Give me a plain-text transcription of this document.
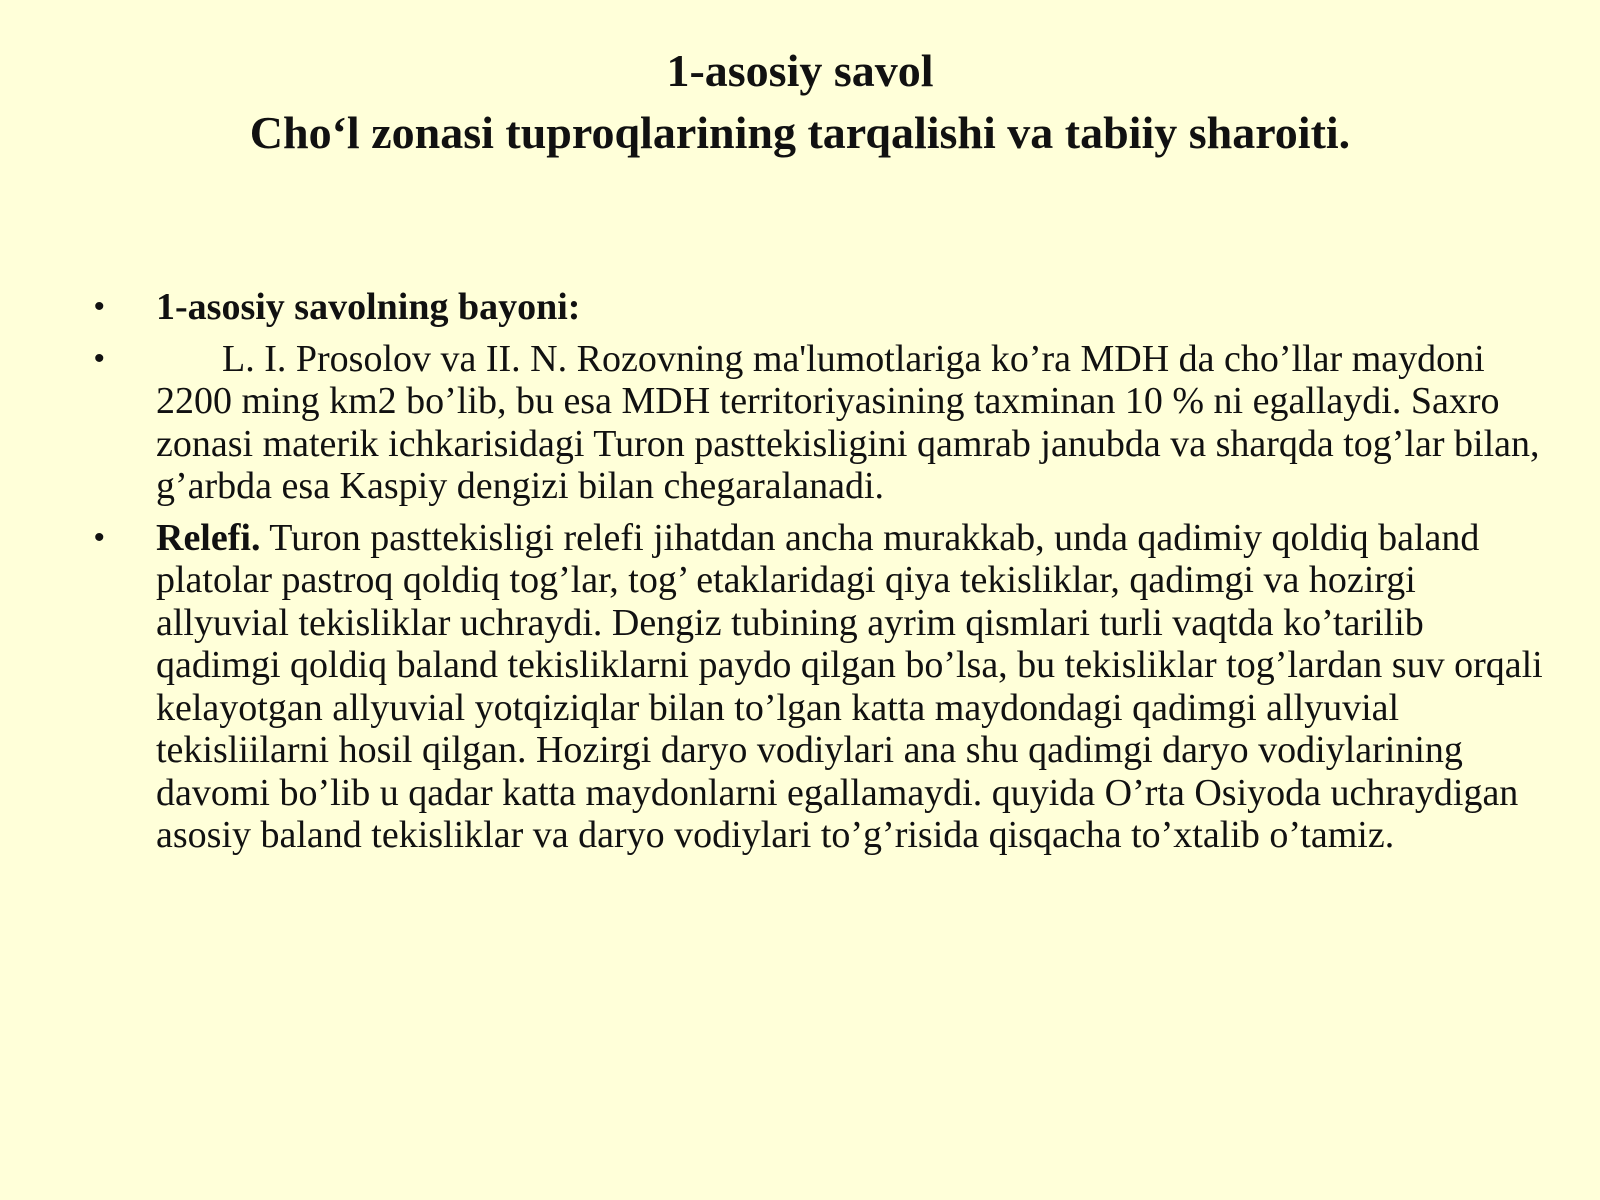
1-asosiy savol
Cho‘l zonasi tuproqlarining tarqalishi va tabiiy sharoiti.
• 1-asosiy savolning bayoni:
•	L. I. Prosolov va II. N. Rozovning ma'lumotlariga ko’ra MDH da cho’llar maydoni 2200 ming km2 bo’lib, bu esa MDH territoriyasining taxminan 10 % ni egallaydi. Saxro zonasi materik ichkarisidagi Turon pasttekisligini qamrab janubda va sharqda tog’lar bilan, g’arbda esa Kaspiy dengizi bilan chegaralanadi.
• Relefi. Turon pasttekisligi relefi jihatdan ancha murakkab, unda qadimiy qoldiq baland platolar pastroq qoldiq tog’lar, tog’ etaklaridagi qiya tekisliklar, qadimgi va hozirgi allyuvial tekisliklar uchraydi. Dengiz tubining ayrim qismlari turli vaqtda ko’tarilib qadimgi qoldiq baland tekisliklarni paydo qilgan bo’lsa, bu tekisliklar tog’lardan suv orqali kelayotgan allyuvial yotqiziqlar bilan to’lgan katta maydondagi qadimgi allyuvial tekisliilarni hosil qilgan. Hozirgi daryo vodiylari ana shu qadimgi daryo vodiylarining davomi bo’lib u qadar katta maydonlarni egallamaydi. quyida O’rta Osiyoda uchraydigan asosiy baland tekisliklar va daryo vodiylari to’g’risida qisqacha to’xtalib o’tamiz.
